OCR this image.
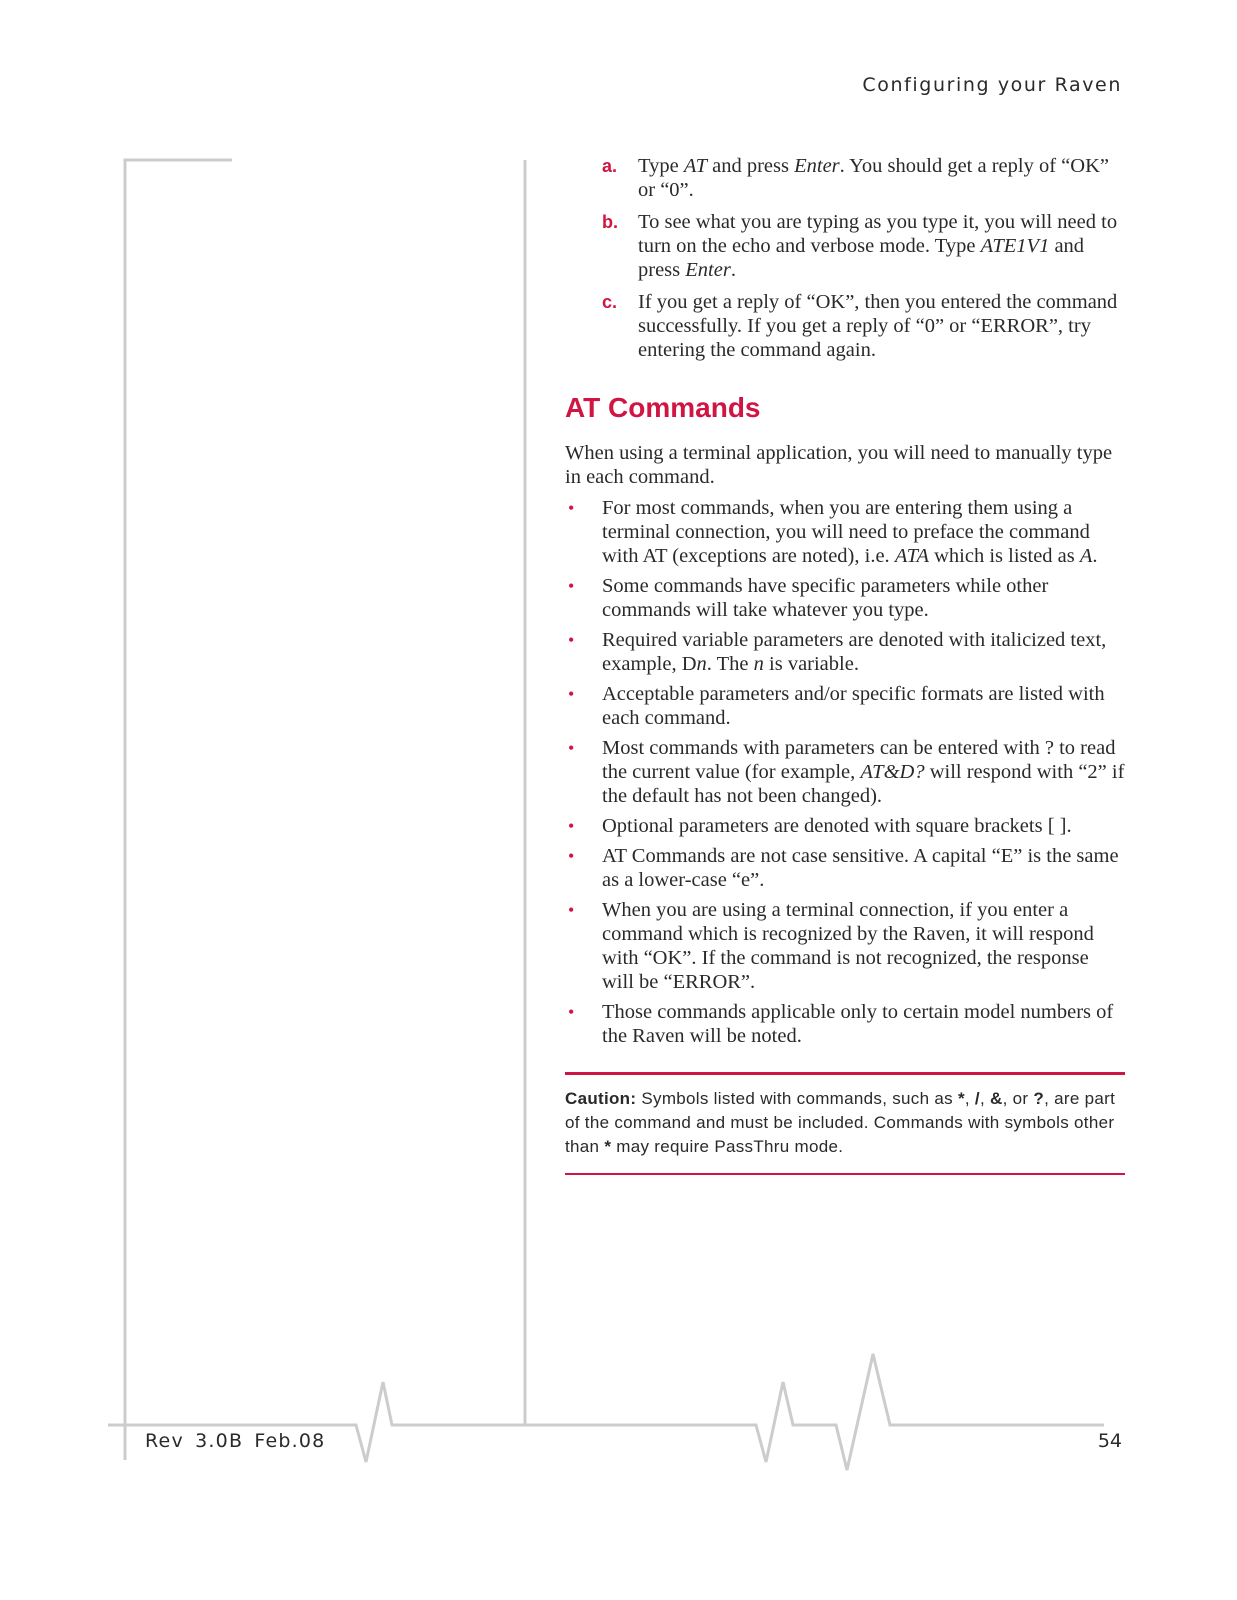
Configuring your Raven
a. Type AT and press Enter. You should get a reply of “OK” or “0”.
b. To see what you are typing as you type it, you will need to turn on the echo and verbose mode. Type ATE1V1 and press Enter.
c. If you get a reply of “OK”, then you entered the command successfully. If you get a reply of “0” or “ERROR”, try entering the command again.
AT Commands

When using a terminal application, you will need to manually type in each command.

• For most commands, when you are entering them using a terminal connection, you will need to preface the command with AT (exceptions are noted), i.e. ATA which is listed as A.
• Some commands have specific parameters while other commands will take whatever you type.
• Required variable parameters are denoted with italicized text, example, Dn. The n is variable.
• Acceptable parameters and/or specific formats are listed with each command.
• Most commands with parameters can be entered with ? to read the current value (for example, AT&D? will respond with “2” if the default has not been changed).
• Optional parameters are denoted with square brackets [ ].
• AT Commands are not case sensitive. A capital “E” is the same as a lower-case “e”.
• When you are using a terminal connection, if you enter a command which is recognized by the Raven, it will respond with “OK”. If the command is not recognized, the response will be “ERROR”.
• Those commands applicable only to certain model numbers of the Raven will be noted.
Caution: Symbols listed with commands, such as *, /, &, or ?, are part of the command and must be included. Commands with symbols other than * may require PassThru mode.
Rev 3.0B Feb.08	54
